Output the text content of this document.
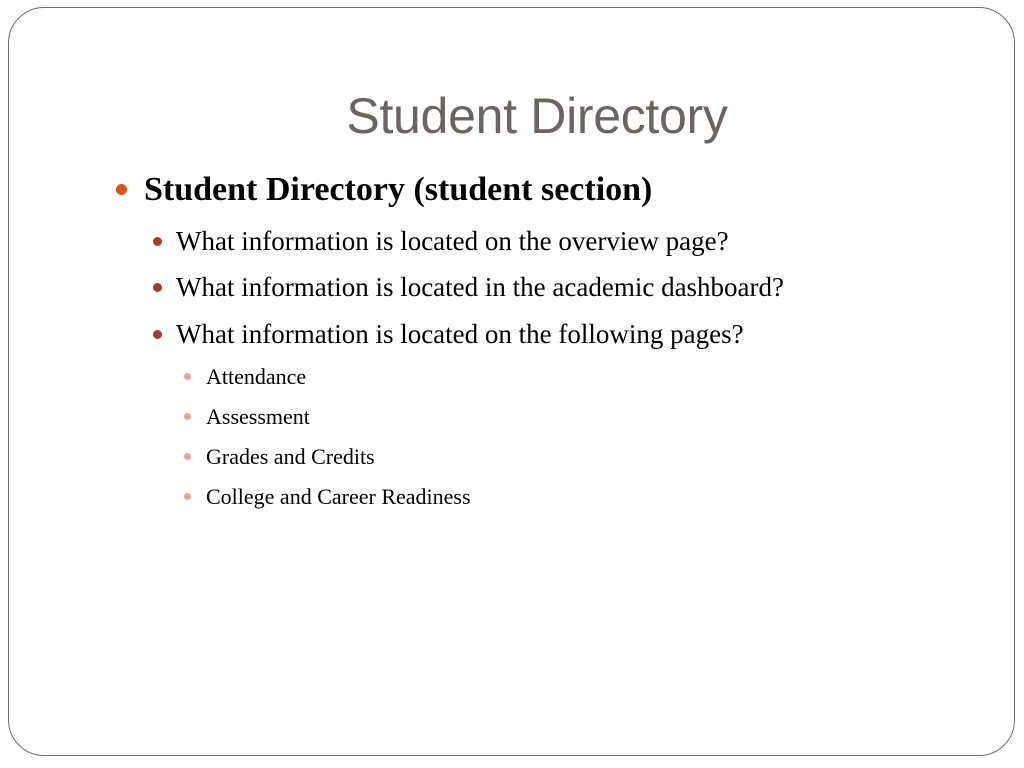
Student Directory
Student Directory (student section)
What information is located on the overview page?
What information is located in the academic dashboard?
What information is located on the following pages?
Attendance
Assessment
Grades and Credits
College and Career Readiness
